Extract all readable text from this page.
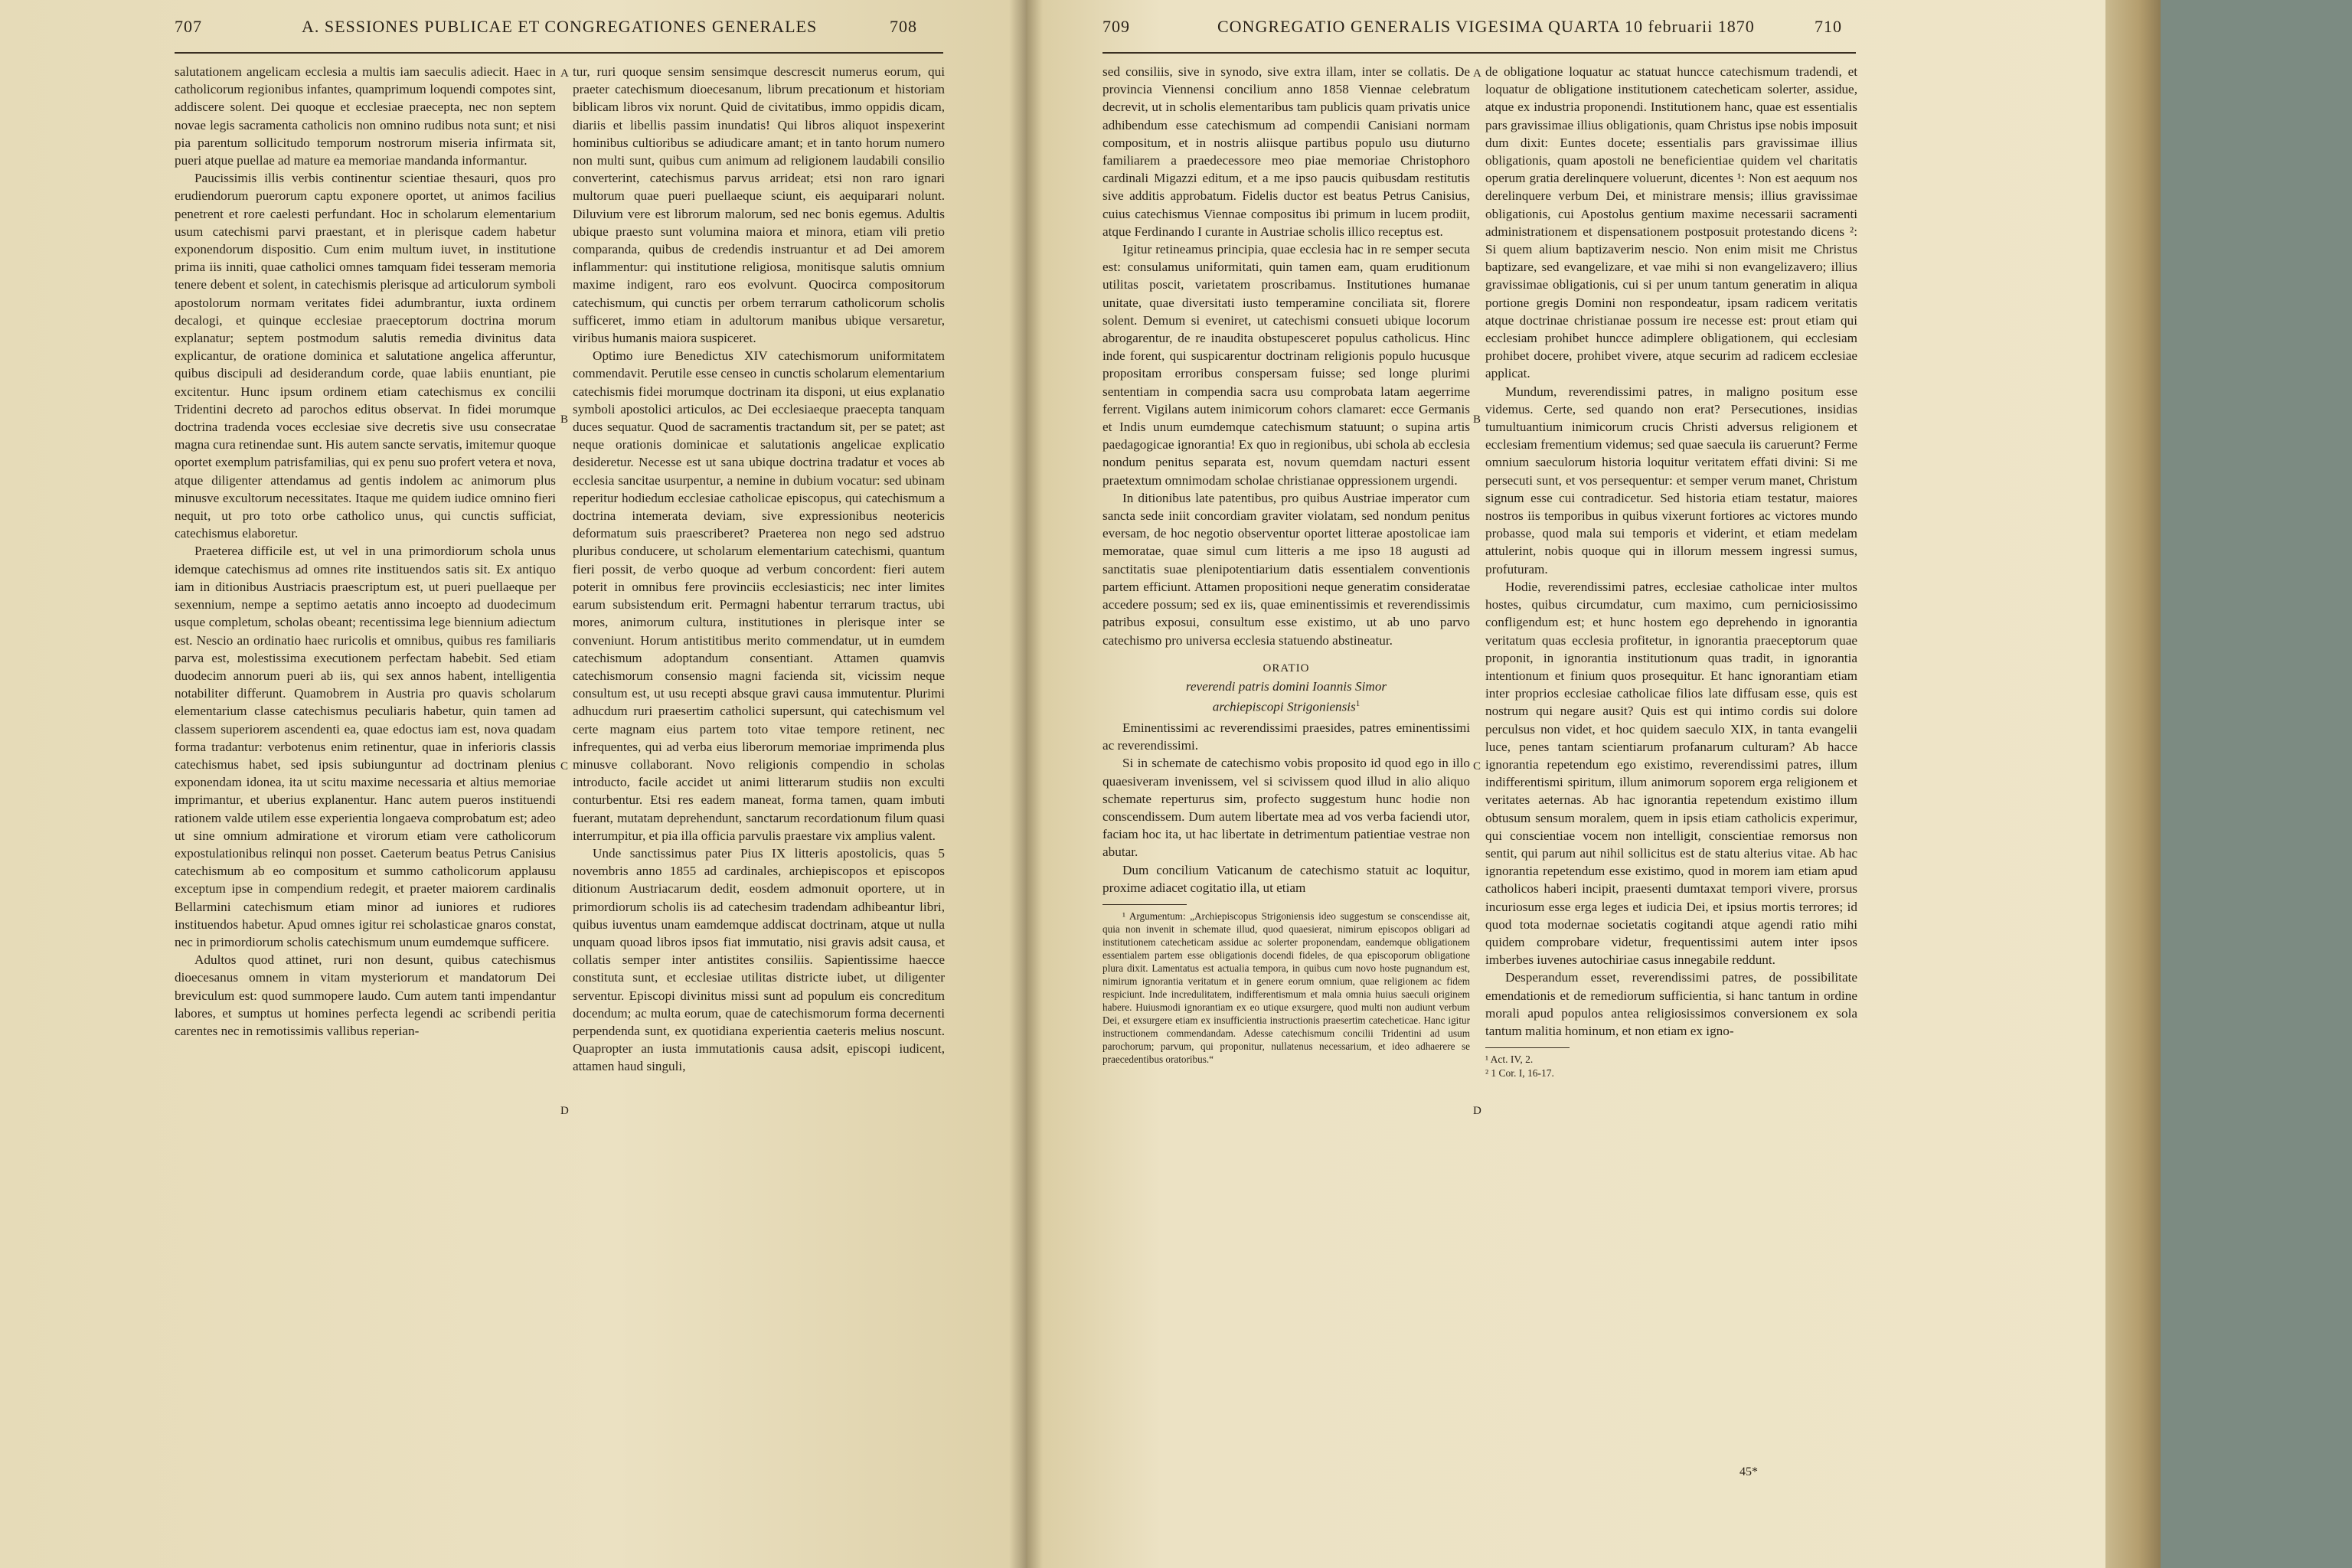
707	A. SESSIONES PUBLICAE ET CONGREGATIONES GENERALES	708

salutationem angelicam ecclesia a multis iam saeculis adiecit. Haec in catholicorum regionibus infantes, quamprimum loquendi compotes sint, addiscere solent. Dei quoque et ecclesiae praecepta, nec non septem novae legis sacramenta catholicis non omnino rudibus nota sunt; et nisi pia parentum sollicitudo temporum nostrorum miseria infirmata sit, pueri atque puellae ad mature ea memoriae mandanda informantur.

Paucissimis illis verbis continentur scientiae thesauri, quos pro erudiendorum puerorum captu exponere oportet, ut animos facilius penetrent et rore caelesti perfundant. Hoc in scholarum elementarium usum catechismi parvi praestant, et in plerisque cadem habetur exponendorum dispositio. Cum enim multum iuvet, in institutione prima iis inniti, quae catholici omnes tamquam fidei tesseram memoria tenere debent et solent, in catechismis plerisque ad articulorum symboli apostolorum normam veritates fidei adumbrantur, iuxta ordinem decalogi, et quinque ecclesiae praeceptorum doctrina morum explanatur; septem postmodum salutis remedia divinitus data explicantur, de oratione dominica et salutatione angelica afferuntur, quibus discipuli ad desiderandum corde, quae labiis enuntiant, pie excitentur. Hunc ipsum ordinem etiam catechismus ex concilii Tridentini decreto ad parochos editus observat. In fidei morumque doctrina tradenda voces ecclesiae sive decretis sive usu consecratae magna cura retinendae sunt. His autem sancte servatis, imitemur quoque oportet exemplum patrisfamilias, qui ex penu suo profert vetera et nova, atque diligenter attendamus ad gentis indolem ac animorum plus minusve excultorum necessitates. Itaque me quidem iudice omnino fieri nequit, ut pro toto orbe catholico unus, qui cunctis sufficiat, catechismus elaboretur.

Praeterea difficile est, ut vel in una primordiorum schola unus idemque catechismus ad omnes rite instituendos satis sit. Ex antiquo iam in ditionibus Austriacis praescriptum est, ut pueri puellaeque per sexennium, nempe a septimo aetatis anno incoepto ad duodecimum usque completum, scholas obeant; recentissima lege biennium adiectum est. Nescio an ordinatio haec ruricolis et omnibus, quibus res familiaris parva est, molestissima executionem perfectam habebit. Sed etiam duodecim annorum pueri ab iis, qui sex annos habent, intelligentia notabiliter differunt. Quamobrem in Austria pro quavis scholarum elementarium classe catechismus peculiaris habetur, quin tamen ad classem superiorem ascendenti ea, quae edoctus iam est, nova quadam forma tradantur: verbotenus enim retinentur, quae in inferioris classis catechismus habet, sed ipsis subiunguntur ad doctrinam plenius exponendam idonea, ita ut scitu maxime necessaria et altius memoriae imprimantur, et uberius explanentur. Hanc autem pueros instituendi rationem valde utilem esse experientia longaeva comprobatum est; adeo ut sine omnium admiratione et virorum etiam vere catholicorum expostulationibus relinqui non posset. Caeterum beatus Petrus Canisius catechismum ab eo compositum et summo catholicorum applausu exceptum ipse in compendium redegit, et praeter maiorem cardinalis Bellarmini catechismum etiam minor ad iuniores et rudiores instituendos habetur. Apud omnes igitur rei scholasticae gnaros constat, nec in primordiorum scholis catechismum unum eumdemque sufficere.

Adultos quod attinet, ruri non desunt, quibus catechismus dioecesanus omnem in vitam mysteriorum et mandatorum Dei breviculum est: quod summopere laudo. Cum autem tanti impendantur labores, et sumptus ut homines perfecta legendi ac scribendi peritia carentes nec in remotissimis vallibus reperian-

A
B
C
D

tur, ruri quoque sensim sensimque descrescit numerus eorum, qui praeter catechismum dioecesanum, librum precationum et historiam biblicam libros vix norunt. Quid de civitatibus, immo oppidis dicam, diariis et libellis passim inundatis! Qui libros aliquot inspexerint hominibus cultioribus se adiudicare amant; et in tanto horum numero non multi sunt, quibus cum animum ad religionem laudabili consilio converterint, catechismus parvus arrideat; etsi non raro ignari multorum quae pueri puellaeque sciunt, eis aequiparari nolunt. Diluvium vere est librorum malorum, sed nec bonis egemus. Adultis ubique praesto sunt volumina maiora et minora, etiam vili pretio comparanda, quibus de credendis instruantur et ad Dei amorem inflammentur: qui institutione religiosa, monitisque salutis omnium maxime indigent, raro eos evolvunt. Quocirca compositorum catechismum, qui cunctis per orbem terrarum catholicorum scholis sufficeret, immo etiam in adultorum manibus ubique versaretur, viribus humanis maiora suspiceret.

Optimo iure Benedictus XIV catechismorum uniformitatem commendavit. Perutile esse censeo in cunctis scholarum elementarium catechismis fidei morumque doctrinam ita disponi, ut eius explanatio symboli apostolici articulos, ac Dei ecclesiaeque praecepta tanquam duces sequatur. Quod de sacramentis tractandum sit, per se patet; ast neque orationis dominicae et salutationis angelicae explicatio desideretur. Necesse est ut sana ubique doctrina tradatur et voces ab ecclesia sancitae usurpentur, a nemine in dubium vocatur: sed ubinam reperitur hodiedum ecclesiae catholicae episcopus, qui catechismum a doctrina intemerata deviam, sive expressionibus neotericis deformatum suis praescriberet? Praeterea non nego sed adstruo pluribus conducere, ut scholarum elementarium catechismi, quantum fieri possit, de verbo quoque ad verbum concordent: fieri autem poterit in omnibus fere provinciis ecclesiasticis; nec inter limites earum subsistendum erit. Permagni habentur terrarum tractus, ubi mores, animorum cultura, institutiones in plerisque inter se conveniunt. Horum antistitibus merito commendatur, ut in eumdem catechismum adoptandum consentiant. Attamen quamvis catechismorum consensio magni facienda sit, vicissim neque consultum est, ut usu recepti absque gravi causa immutentur. Plurimi adhucdum ruri praesertim catholici supersunt, qui catechismum vel certe magnam eius partem toto vitae tempore retinent, nec infrequentes, qui ad verba eius liberorum memoriae imprimenda plus minusve collaborant. Novo religionis compendio in scholas introducto, facile accidet ut animi litterarum studiis non exculti conturbentur. Etsi res eadem maneat, forma tamen, quam imbuti fuerant, mutatam deprehendunt, sanctarum recordationum filum quasi interrumpitur, et pia illa officia parvulis praestare vix amplius valent.

Unde sanctissimus pater Pius IX litteris apostolicis, quas 5 novembris anno 1855 ad cardinales, archiepiscopos et episcopos ditionum Austriacarum dedit, eosdem admonuit oportere, ut in primordiorum scholis iis ad catechesim tradendam adhibeantur libri, quibus iuventus unam eamdemque addiscat doctrinam, atque ut nulla unquam quoad libros ipsos fiat immutatio, nisi gravis adsit causa, et collatis semper inter antistites consiliis. Sapientissime haecce constituta sunt, et ecclesiae utilitas districte iubet, ut diligenter serventur. Episcopi divinitus missi sunt ad populum eis concreditum docendum; ac multa eorum, quae de catechismorum forma decernenti perpendenda sunt, ex quotidiana experientia caeteris melius noscunt. Quapropter an iusta immutationis causa adsit, episcopi iudicent, attamen haud singuli,

709	CONGREGATIO GENERALIS VIGESIMA QUARTA 10 februarii 1870	710

sed consiliis, sive in synodo, sive extra illam, inter se collatis. De provincia Viennensi concilium anno 1858 Viennae celebratum decrevit, ut in scholis elementaribus tam publicis quam privatis unice adhibendum esse catechismum ad compendii Canisiani normam compositum, et in nostris aliisque partibus populo usu diuturno familiarem a praedecessore meo piae memoriae Christophoro cardinali Migazzi editum, et a me ipso paucis quibusdam restitutis sive additis approbatum. Fidelis ductor est beatus Petrus Canisius, cuius catechismus Viennae compositus ibi primum in lucem prodiit, atque Ferdinando I curante in Austriae scholis illico receptus est.

Igitur retineamus principia, quae ecclesia hac in re semper secuta est: consulamus uniformitati, quin tamen eam, quam eruditionum utilitas poscit, varietatem proscribamus. Institutiones humanae unitate, quae diversitati iusto temperamine conciliata sit, florere solent. Demum si eveniret, ut catechismi consueti ubique locorum abrogarentur, de re inaudita obstupesceret populus catholicus. Hinc inde forent, qui suspicarentur doctrinam religionis populo hucusque propositam erroribus conspersam fuisse; sed longe plurimi sententiam in compendia sacra usu comprobata latam aegerrime ferrent. Vigilans autem inimicorum cohors clamaret: ecce Germanis et Indis unum eumdemque catechismum statuunt; o supina artis paedagogicae ignorantia! Ex quo in regionibus, ubi schola ab ecclesia nondum penitus separata est, novum quemdam nacturi essent praetextum omnimodam scholae christianae oppressionem urgendi.

In ditionibus late patentibus, pro quibus Austriae imperator cum sancta sede iniit concordiam graviter violatam, sed nondum penitus eversam, de hoc negotio observentur oportet litterae apostolicae iam memoratae, quae simul cum litteris a me ipso 18 augusti ad sanctitatis suae plenipotentiarium datis essentialem conventionis partem efficiunt. Attamen propositioni neque generatim consideratae accedere possum; sed ex iis, quae eminentissimis et reverendissimis patribus exposui, consultum esse existimo, ut ab uno parvo catechismo pro universa ecclesia statuendo abstineatur.

ORATIO

reverendi patris domini Ioannis Simor

archiepiscopi Strigoniensis$^1$

Eminentissimi ac reverendissimi praesides, patres eminentissimi ac reverendissimi.

Si in schemate de catechismo vobis proposito id quod ego in illo quaesiveram invenissem, vel si scivissem quod illud in alio aliquo schemate reperturus sim, profecto suggestum hunc hodie non conscendissem. Dum autem libertate mea ad vos verba faciendi utor, faciam hoc ita, ut hac libertate in detrimentum patientiae vestrae non abutar.

Dum concilium Vaticanum de catechismo statuit ac loquitur, proxime adiacet cogitatio illa, ut etiam

¹ Argumentum: „Archiepiscopus Strigoniensis ideo suggestum se conscendisse ait, quia non invenit in schemate illud, quod quaesierat, nimirum episcopos obligari ad institutionem catecheticam assidue ac solerter proponendam, eandemque obligationem essentialem partem esse obligationis docendi fideles, de qua episcoporum obligatione plura dixit. Lamentatus est actualia tempora, in quibus cum novo hoste pugnandum est, nimirum ignorantia veritatum et in genere eorum omnium, quae religionem ac fidem respiciunt. Inde incredulitatem, indifferentismum et mala omnia huius saeculi originem habere. Huiusmodi ignorantiam ex eo utique exsurgere, quod multi non audiunt verbum Dei, et exsurgere etiam ex insufficientia instructionis praesertim catecheticae. Hanc igitur instructionem commendandam. Adesse catechismum concilii Tridentini ad usum parochorum; parvum, qui proponitur, nullatenus necessarium, et ideo adhaerere se praecedentibus oratoribus.“

A
B
C
D

de obligatione loquatur ac statuat huncce catechismum tradendi, et loquatur de obligatione institutionem catecheticam solerter, assidue, atque ex industria proponendi. Institutionem hanc, quae est essentialis pars gravissimae illius obligationis, quam Christus ipse nobis imposuit dum dixit: Euntes docete; essentialis pars gravissimae illius obligationis, quam apostoli ne beneficientiae quidem vel charitatis operum gratia derelinquere voluerunt, dicentes ¹: Non est aequum nos derelinquere verbum Dei, et ministrare mensis; illius gravissimae obligationis, cui Apostolus gentium maxime necessarii sacramenti administrationem et dispensationem postposuit protestando dicens ²: Si quem alium baptizaverim nescio. Non enim misit me Christus baptizare, sed evangelizare, et vae mihi si non evangelizavero; illius gravissimae obligationis, cui si per unum tantum generatim in aliqua portione gregis Domini non respondeatur, ipsam radicem veritatis atque doctrinae christianae possum ire necesse est: prout etiam qui ecclesiam prohibet huncce adimplere obligationem, qui ecclesiam prohibet docere, prohibet vivere, atque securim ad radicem ecclesiae applicat.

Mundum, reverendissimi patres, in maligno positum esse videmus. Certe, sed quando non erat? Persecutiones, insidias tumultuantium inimicorum crucis Christi adversus religionem et ecclesiam frementium videmus; sed quae saecula iis caruerunt? Ferme omnium saeculorum historia loquitur veritatem effati divini: Si me persecuti sunt, et vos persequentur: et semper verum manet, Christum signum esse cui contradicetur. Sed historia etiam testatur, maiores nostros iis temporibus in quibus vixerunt fortiores ac victores mundo probasse, quod mala sui temporis et viderint, et etiam medelam attulerint, nobis quoque qui in illorum messem ingressi sumus, profuturam.

Hodie, reverendissimi patres, ecclesiae catholicae inter multos hostes, quibus circumdatur, cum maximo, cum perniciosissimo confligendum est; et hunc hostem ego deprehendo in ignorantia veritatum quas ecclesia profitetur, in ignorantia praeceptorum quae proponit, in ignorantia institutionum quas tradit, in ignorantia intentionum et finium quos prosequitur. Et hanc ignorantiam etiam inter proprios ecclesiae catholicae filios late diffusam esse, quis est nostrum qui negare ausit? Quis est qui intimo cordis sui dolore perculsus non videt, et hoc quidem saeculo XIX, in tanta evangelii luce, penes tantam scientiarum profanarum culturam? Ab hacce ignorantia repetendum ego existimo, reverendissimi patres, illum indifferentismi spiritum, illum animorum soporem erga religionem et veritates aeternas. Ab hac ignorantia repetendum existimo illum obtusum sensum moralem, quem in ipsis etiam catholicis experimur, qui conscientiae vocem non intelligit, conscientiae remorsus non sentit, qui parum aut nihil sollicitus est de statu alterius vitae. Ab hac ignorantia repetendum esse existimo, quod in morem iam etiam apud catholicos haberi incipit, praesenti dumtaxat tempori vivere, prorsus incuriosum esse erga leges et iudicia Dei, et ipsius mortis terrores; id quod tota modernae societatis cogitandi atque agendi ratio mihi quidem comprobare videtur, frequentissimi autem inter ipsos imberbes iuvenes autochiriae casus innegabile reddunt.

Desperandum esset, reverendissimi patres, de possibilitate emendationis et de remediorum sufficientia, si hanc tantum in ordine morali apud populos antea religiosissimos conversionem ex sola tantum malitia hominum, et non etiam ex igno-

¹ Act. IV, 2.

² 1 Cor. I, 16-17.

45*
